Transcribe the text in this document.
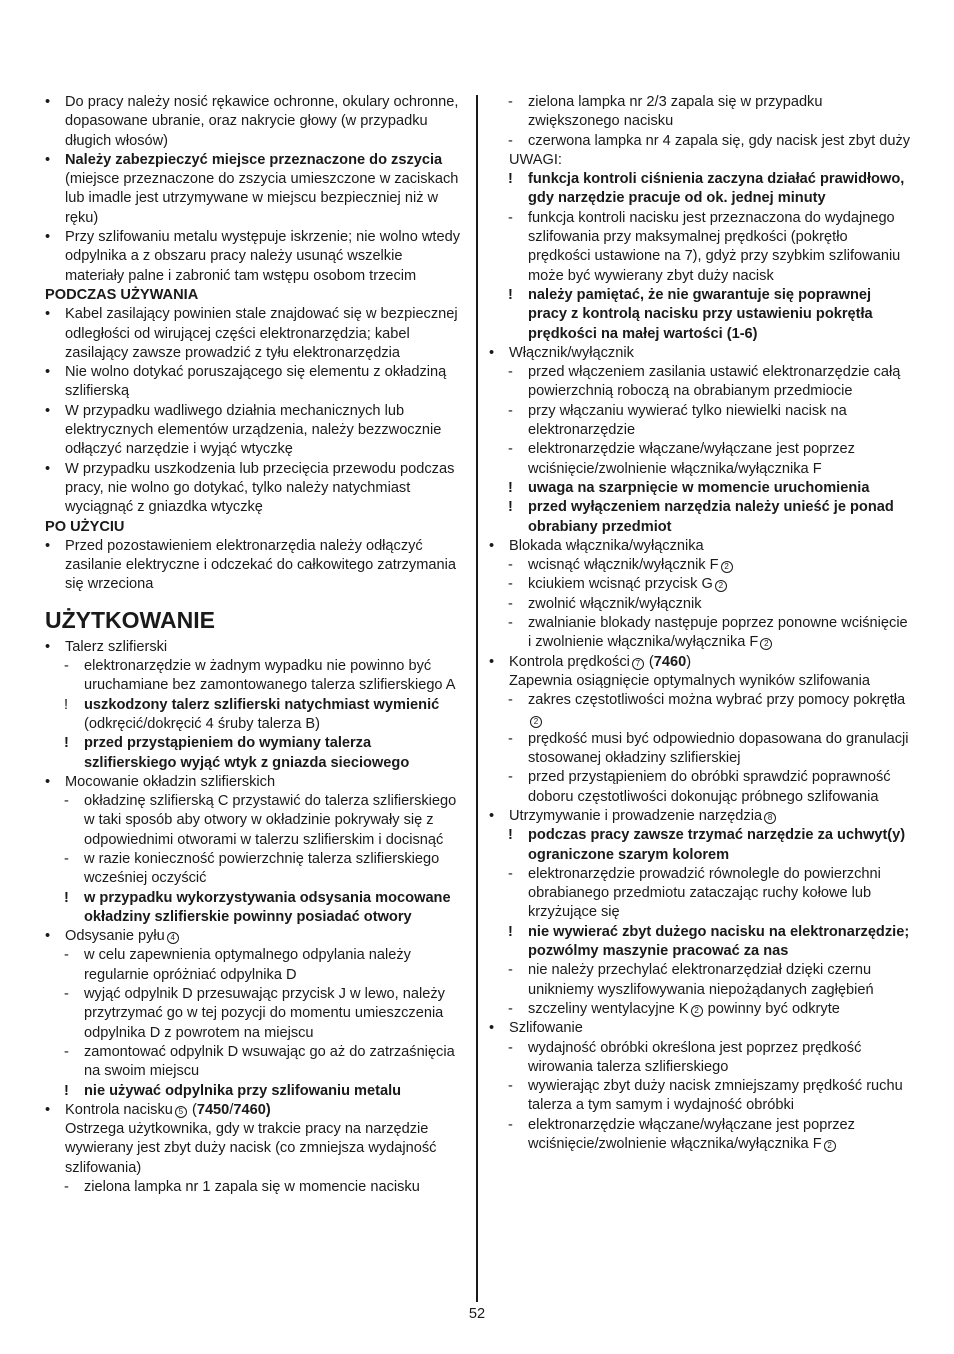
• Do pracy należy nosić rękawice ochronne, okulary ochronne, dopasowane ubranie, oraz nakrycie głowy (w przypadku długich włosów)
• Należy zabezpieczyć miejsce przeznaczone do zszycia (miejsce przeznaczone do zszycia umieszczone w zaciskach lub imadle jest utrzymywane w miejscu bezpieczniej niż w ręku)
• Przy szlifowaniu metalu występuje iskrzenie; nie wolno wtedy odpylnika a z obszaru pracy należy usunąć wszelkie materiały palne i zabronić tam wstępu osobom trzecim
PODCZAS UŻYWANIA
• Kabel zasilający powinien stale znajdować się w bezpiecznej odległości od wirującej części elektronarzędzia; kabel zasilający zawsze prowadzić z tyłu elektronarzędzia
• Nie wolno dotykać poruszającego się elementu z okładziną szlifierską
• W przypadku wadliwego działnia mechanicznych lub elektrycznych elementów urządzenia, należy bezzwocznie odłączyć narzędzie i wyjąć wtyczkę
• W przypadku uszkodzenia lub przecięcia przewodu podczas pracy, nie wolno go dotykać, tylko należy natychmiast wyciągnąć z gniazdka wtyczkę
PO UŻYCIU
• Przed pozostawieniem elektronarzędia należy odłączyć zasilanie elektryczne i odczekać do całkowitego zatrzymania się wrzeciona
UŻYTKOWANIE
• Talerz szlifierski
- elektronarzędzie w żadnym wypadku nie powinno być uruchamiane bez zamontowanego talerza szlifierskiego A
! uszkodzony talerz szlifierski natychmiast wymienić (odkręcić/dokręcić 4 śruby talerza B)
! przed przystąpieniem do wymiany talerza szlifierskiego wyjąć wtyk z gniazda sieciowego
• Mocowanie okładzin szlifierskich
- okładzinę szlifierską C przystawić do talerza szlifierskiego w taki sposób aby otwory w okładzinie pokrywały się z odpowiednimi otworami w talerzu szlifierskim i docisnąć
- w razie konieczność powierzchnię talerza szlifierskiego wcześniej oczyścić
! w przypadku wykorzystywania odsysania mocowane okładziny szlifierskie powinny posiadać otwory
• Odsysanie pyłu 4
- w celu zapewnienia optymalnego odpylania należy regularnie opróżniać odpylnika D
- wyjąć odpylnik D przesuwając przycisk J w lewo, należy przytrzymać go w tej pozycji do momentu umieszczenia odpylnika D z powrotem na miejscu
- zamontować odpylnik D wsuwając go aż do zatrzaśnięcia na swoim miejscu
! nie używać odpylnika przy szlifowaniu metalu
• Kontrola nacisku 5 (7450/7460)
Ostrzega użytkownika, gdy w trakcie pracy na narzędzie wywierany jest zbyt duży nacisk (co zmniejsza wydajność szlifowania)
- zielona lampka nr 1 zapala się w momencie nacisku
- zielona lampka nr 2/3 zapala się w przypadku zwiększonego nacisku
- czerwona lampka nr 4 zapala się, gdy nacisk jest zbyt duży
UWAGI:
! funkcja kontroli ciśnienia zaczyna działać prawidłowo, gdy narzędzie pracuje od ok. jednej minuty
- funkcja kontroli nacisku jest przeznaczona do wydajnego szlifowania przy maksymalnej prędkości (pokrętło prędkości ustawione na 7), gdyż przy szybkim szlifowaniu może być wywierany zbyt duży nacisk
! należy pamiętać, że nie gwarantuje się poprawnej pracy z kontrolą nacisku przy ustawieniu pokrętła prędkości na małej wartości (1-6)
• Włącznik/wyłącznik
- przed włączeniem zasilania ustawić elektronarzędzie całą powierzchnią roboczą na obrabianym przedmiocie
- przy włączaniu wywierać tylko niewielki nacisk na elektronarzędzie
- elektronarzędzie włączane/wyłączane jest poprzez wciśnięcie/zwolnienie włącznika/wyłącznika F
! uwaga na szarpnięcie w momencie uruchomienia
! przed wyłączeniem narzędzia należy unieść je ponad obrabiany przedmiot
• Blokada włącznika/wyłącznika
- wcisnąć włącznik/wyłącznik F 2
- kciukiem wcisnąć przycisk G 2
- zwolnić włącznik/wyłącznik
- zwalnianie blokady następuje poprzez ponowne wciśnięcie i zwolnienie włącznika/wyłącznika F 2
• Kontrola prędkości 7 (7460)
Zapewnia osiągnięcie optymalnych wyników szlifowania
- zakres częstotliwości można wybrać przy pomocy pokrętła2
- prędkość musi być odpowiednio dopasowana do granulacji stosowanej okładziny szlifierskiej
- przed przystąpieniem do obróbki sprawdzić poprawność doboru częstotliwości dokonując próbnego szlifowania
• Utrzymywanie i prowadzenie narzędzia 8
! podczas pracy zawsze trzymać narzędzie za uchwyt(y) ograniczone szarym kolorem
- elektronarzędzie prowadzić równolegle do powierzchni obrabianego przedmiotu zataczając ruchy kołowe lub krzyżujące się
! nie wywierać zbyt dużego nacisku na elektronarzędzie; pozwólmy maszynie pracować za nas
- nie należy przechylać elektronarzędział dzięki czernu unikniemy wyszlifowywania niepożądanych zagłębień
- szczeliny wentylacyjne K 2 powinny być odkryte
• Szlifowanie
- wydajność obróbki określona jest poprzez prędkość wirowania talerza szlifierskiego
- wywierając zbyt duży nacisk zmniejszamy prędkość ruchu talerza a tym samym i wydajność obróbki
- elektronarzędzie włączane/wyłączane jest poprzez wciśnięcie/zwolnienie włącznika/wyłącznika F 2
52
